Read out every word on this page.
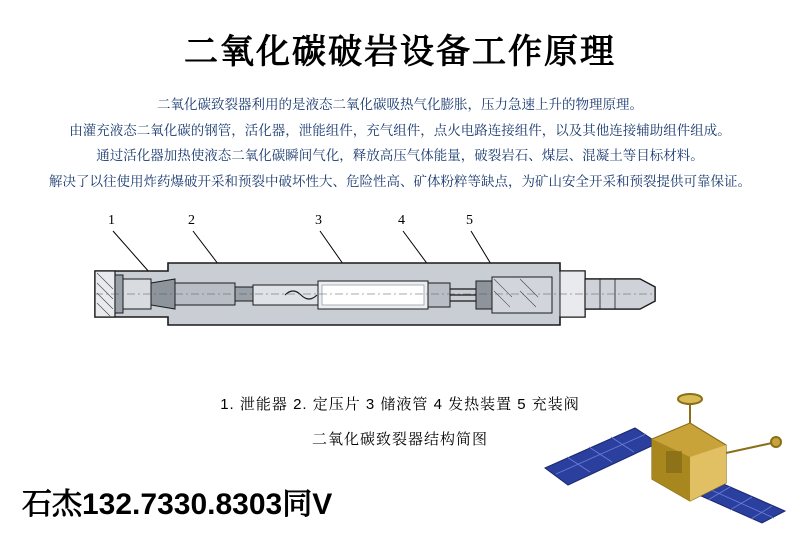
二氧化碳破岩设备工作原理

二氧化碳致裂器利用的是液态二氧化碳吸热气化膨胀，压力急速上升的物理原理。

由灌充液态二氧化碳的钢管，活化器，泄能组件，充气组件，点火电路连接组件，以及其他连接辅助组件组成。

通过活化器加热使液态二氧化碳瞬间气化，释放高压气体能量，破裂岩石、煤层、混凝土等目标材料。

解决了以往使用炸药爆破开采和预裂中破坏性大、危险性高、矿体粉粹等缺点，为矿山安全开采和预裂提供可靠保证。

1	2	3	4	5
1. 泄能器 2. 定压片 3 储液管 4 发热装置 5 充装阀
二氧化碳致裂器结构简图
石杰132.7330.8303同V
